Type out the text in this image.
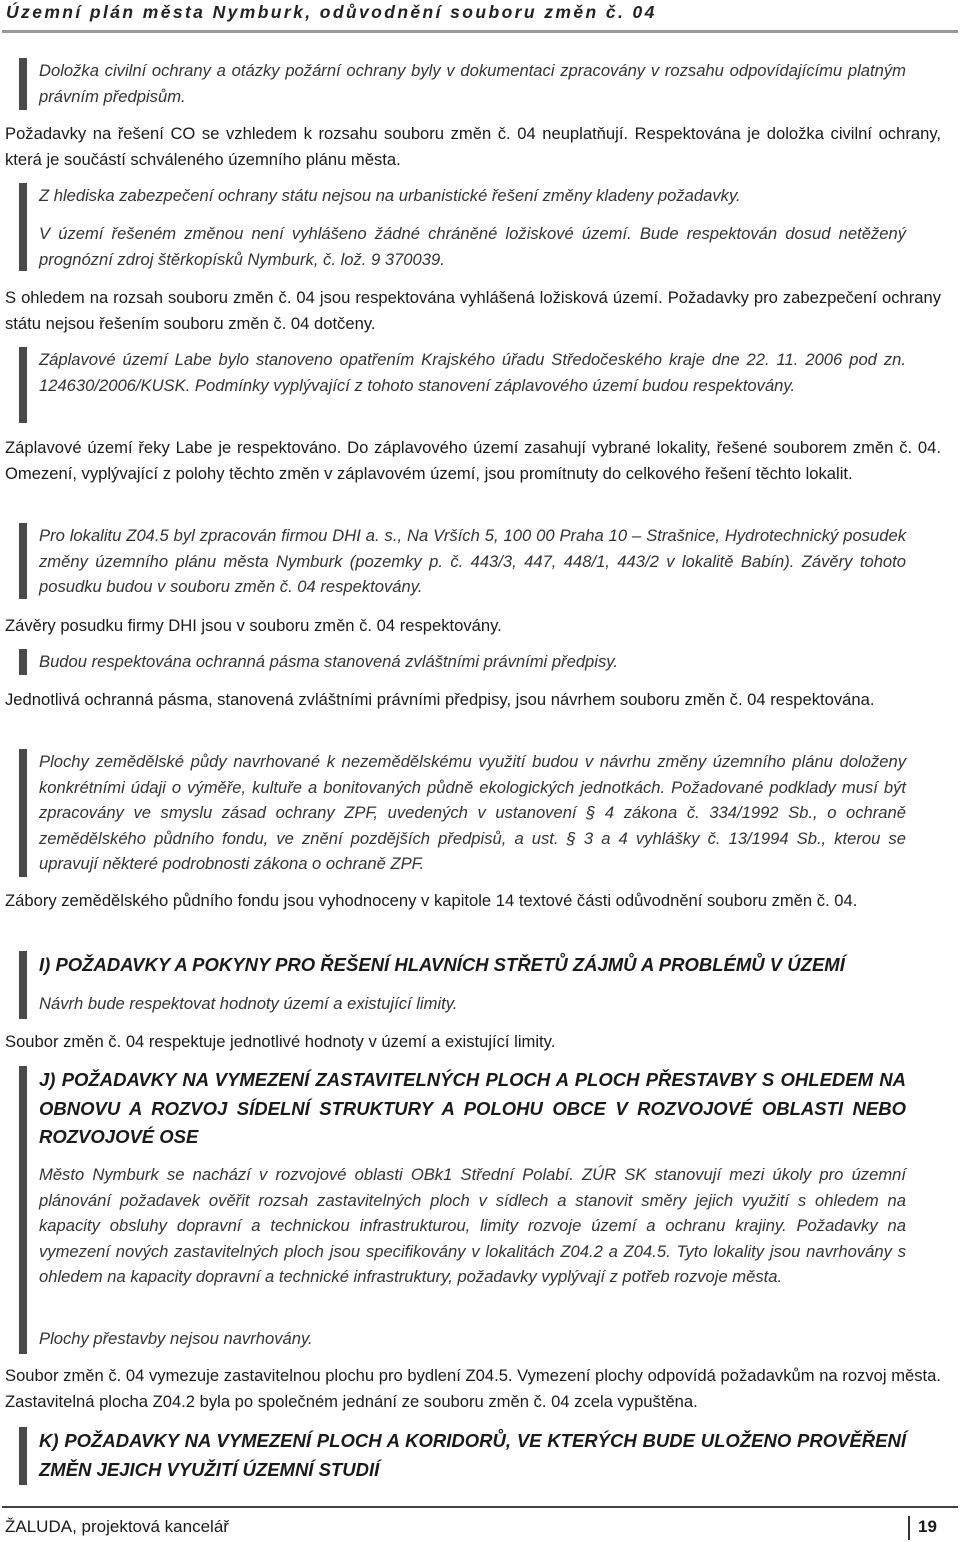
Územní plán města Nymburk, odůvodnění souboru změn č. 04
Doložka civilní ochrany a otázky požární ochrany byly v dokumentaci zpracovány v rozsahu odpovídajícímu platným právním předpisům.
Požadavky na řešení CO se vzhledem k rozsahu souboru změn č. 04 neuplatňují. Respektována je doložka civilní ochrany, která je součástí schváleného územního plánu města.
Z hlediska zabezpečení ochrany státu nejsou na urbanistické řešení změny kladeny požadavky.
V území řešeném změnou není vyhlášeno žádné chráněné ložiskové území. Bude respektován dosud netěžený prognózní zdroj štěrkopísků Nymburk, č. lož. 9 370039.
S ohledem na rozsah souboru změn č. 04 jsou respektována vyhlášená ložisková území. Požadavky pro zabezpečení ochrany státu nejsou řešením souboru změn č. 04 dotčeny.
Záplavové území Labe bylo stanoveno opatřením Krajského úřadu Středočeského kraje dne 22. 11. 2006 pod zn. 124630/2006/KUSK. Podmínky vyplývající z tohoto stanovení záplavového území budou respektovány.
Záplavové území řeky Labe je respektováno. Do záplavového území zasahují vybrané lokality, řešené souborem změn č. 04. Omezení, vyplývající z polohy těchto změn v záplavovém území, jsou promítnuty do celkového řešení těchto lokalit.
Pro lokalitu Z04.5 byl zpracován firmou DHI a. s., Na Vrších 5, 100 00 Praha 10 – Strašnice, Hydrotechnický posudek změny územního plánu města Nymburk (pozemky p. č. 443/3, 447, 448/1, 443/2 v lokalitě Babín). Závěry tohoto posudku budou v souboru změn č. 04 respektovány.
Závěry posudku firmy DHI jsou v souboru změn č. 04 respektovány.
Budou respektována ochranná pásma stanovená zvláštními právními předpisy.
Jednotlivá ochranná pásma, stanovená zvláštními právními předpisy, jsou návrhem souboru změn č. 04 respektována.
Plochy zemědělské půdy navrhované k nezemědělskému využití budou v návrhu změny územního plánu doloženy konkrétními údaji o výměře, kultuře a bonitovaných půdně ekologických jednotkách. Požadované podklady musí být zpracovány ve smyslu zásad ochrany ZPF, uvedených v ustanovení § 4 zákona č. 334/1992 Sb., o ochraně zemědělského půdního fondu, ve znění pozdějších předpisů, a ust. § 3 a 4 vyhlášky č. 13/1994 Sb., kterou se upravují některé podrobnosti zákona o ochraně ZPF.
Zábory zemědělského půdního fondu jsou vyhodnoceny v kapitole 14 textové části odůvodnění souboru změn č. 04.
I) POŽADAVKY A POKYNY PRO ŘEŠENÍ HLAVNÍCH STŘETŮ ZÁJMŮ A PROBLÉMŮ V ÚZEMÍ
Návrh bude respektovat hodnoty území a existující limity.
Soubor změn č. 04 respektuje jednotlivé hodnoty v území a existující limity.
J) POŽADAVKY NA VYMEZENÍ ZASTAVITELNÝCH PLOCH A PLOCH PŘESTAVBY S OHLEDEM NA OBNOVU A ROZVOJ SÍDELNÍ STRUKTURY A POLOHU OBCE V ROZVOJOVÉ OBLASTI NEBO ROZVOJOVÉ OSE
Město Nymburk se nachází v rozvojové oblasti OBk1 Střední Polabí. ZÚR SK stanovují mezi úkoly pro územní plánování požadavek ověřit rozsah zastavitelných ploch v sídlech a stanovit směry jejich využití s ohledem na kapacity obsluhy dopravní a technickou infrastrukturou, limity rozvoje území a ochranu krajiny. Požadavky na vymezení nových zastavitelných ploch jsou specifikovány v lokalitách Z04.2 a Z04.5. Tyto lokality jsou navrhovány s ohledem na kapacity dopravní a technické infrastruktury, požadavky vyplývají z potřeb rozvoje města.
Plochy přestavby nejsou navrhovány.
Soubor změn č. 04 vymezuje zastavitelnou plochu pro bydlení Z04.5. Vymezení plochy odpovídá požadavkům na rozvoj města. Zastavitelná plocha Z04.2 byla po společném jednání ze souboru změn č. 04 zcela vypuštěna.
K) POŽADAVKY NA VYMEZENÍ PLOCH A KORIDORŮ, VE KTERÝCH BUDE ULOŽENO PROVĚŘENÍ ZMĚN JEJICH VYUŽITÍ ÚZEMNÍ STUDIÍ
ŽALUDA, projektová kancelář	19
